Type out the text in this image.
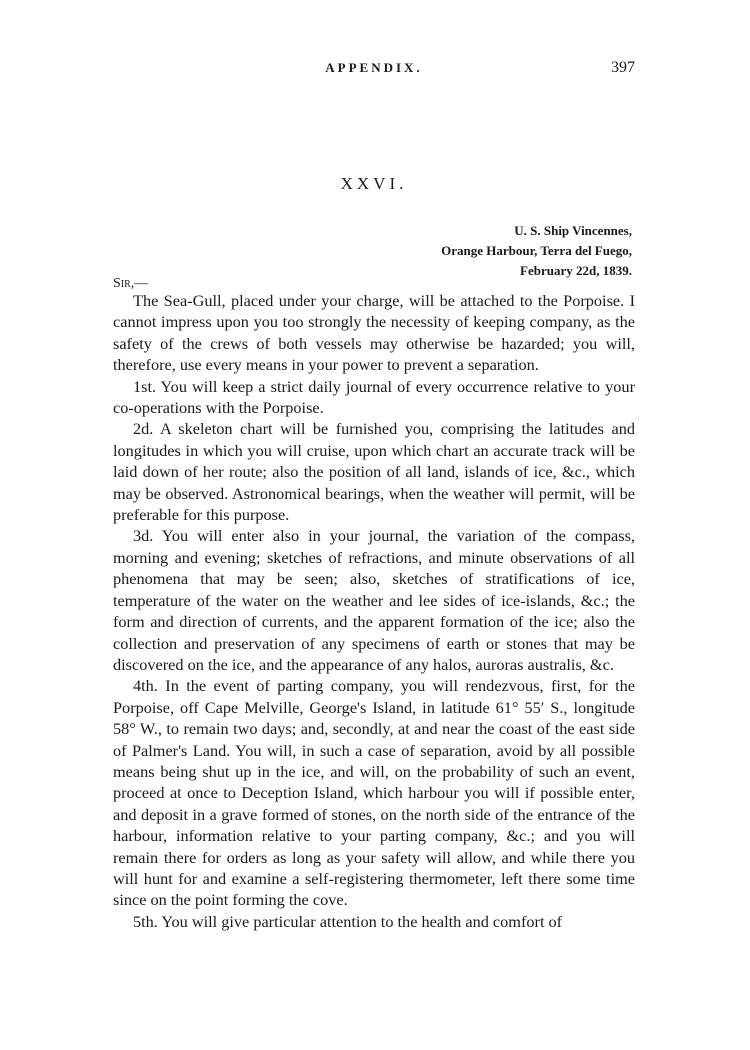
APPENDIX.	397
XXVI.
U. S. Ship Vincennes,
Orange Harbour, Terra del Fuego,
February 22d, 1839.
Sir,—

The Sea-Gull, placed under your charge, will be attached to the Porpoise. I cannot impress upon you too strongly the necessity of keeping company, as the safety of the crews of both vessels may otherwise be hazarded; you will, therefore, use every means in your power to prevent a separation.

1st. You will keep a strict daily journal of every occurrence relative to your co-operations with the Porpoise.

2d. A skeleton chart will be furnished you, comprising the latitudes and longitudes in which you will cruise, upon which chart an accurate track will be laid down of her route; also the position of all land, islands of ice, &c., which may be observed. Astronomical bearings, when the weather will permit, will be preferable for this purpose.

3d. You will enter also in your journal, the variation of the compass, morning and evening; sketches of refractions, and minute observations of all phenomena that may be seen; also, sketches of stratifications of ice, temperature of the water on the weather and lee sides of ice-islands, &c.; the form and direction of currents, and the apparent formation of the ice; also the collection and preservation of any specimens of earth or stones that may be discovered on the ice, and the appearance of any halos, auroras australis, &c.

4th. In the event of parting company, you will rendezvous, first, for the Porpoise, off Cape Melville, George's Island, in latitude 61° 55′ S., longitude 58° W., to remain two days; and, secondly, at and near the coast of the east side of Palmer's Land. You will, in such a case of separation, avoid by all possible means being shut up in the ice, and will, on the probability of such an event, proceed at once to Deception Island, which harbour you will if possible enter, and deposit in a grave formed of stones, on the north side of the entrance of the harbour, information relative to your parting company, &c.; and you will remain there for orders as long as your safety will allow, and while there you will hunt for and examine a self-registering thermometer, left there some time since on the point forming the cove.

5th. You will give particular attention to the health and comfort of
